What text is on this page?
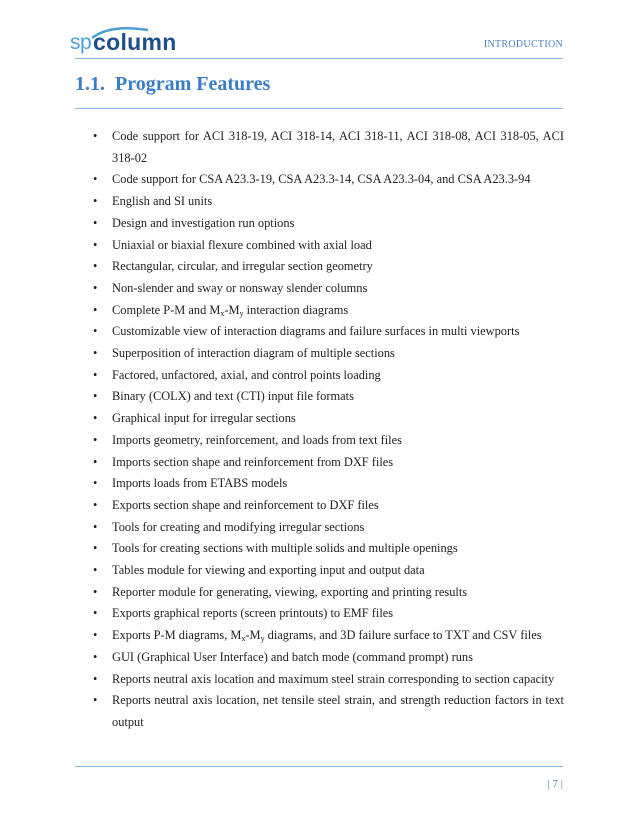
sp column	INTRODUCTION
1.1. Program Features
• Code support for ACI 318-19, ACI 318-14, ACI 318-11, ACI 318-08, ACI 318-05, ACI 318-02
• Code support for CSA A23.3-19, CSA A23.3-14, CSA A23.3-04, and CSA A23.3-94
• English and SI units
• Design and investigation run options
• Uniaxial or biaxial flexure combined with axial load
• Rectangular, circular, and irregular section geometry
• Non-slender and sway or nonsway slender columns
• Complete P-M and $M_x-M_y$ interaction diagrams
• Customizable view of interaction diagrams and failure surfaces in multi viewports
• Superposition of interaction diagram of multiple sections
• Factored, unfactored, axial, and control points loading
• Binary (COLX) and text (CTI) input file formats
• Graphical input for irregular sections
• Imports geometry, reinforcement, and loads from text files
• Imports section shape and reinforcement from DXF files
• Imports loads from ETABS models
• Exports section shape and reinforcement to DXF files
• Tools for creating and modifying irregular sections
• Tools for creating sections with multiple solids and multiple openings
• Tables module for viewing and exporting input and output data
• Reporter module for generating, viewing, exporting and printing results
• Exports graphical reports (screen printouts) to EMF files
• Exports P-M diagrams, $M_x-M_y$ diagrams, and 3D failure surface to TXT and CSV files
• GUI (Graphical User Interface) and batch mode (command prompt) runs
• Reports neutral axis location and maximum steel strain corresponding to section capacity
• Reports neutral axis location, net tensile steel strain, and strength reduction factors in text output
| 7 |
